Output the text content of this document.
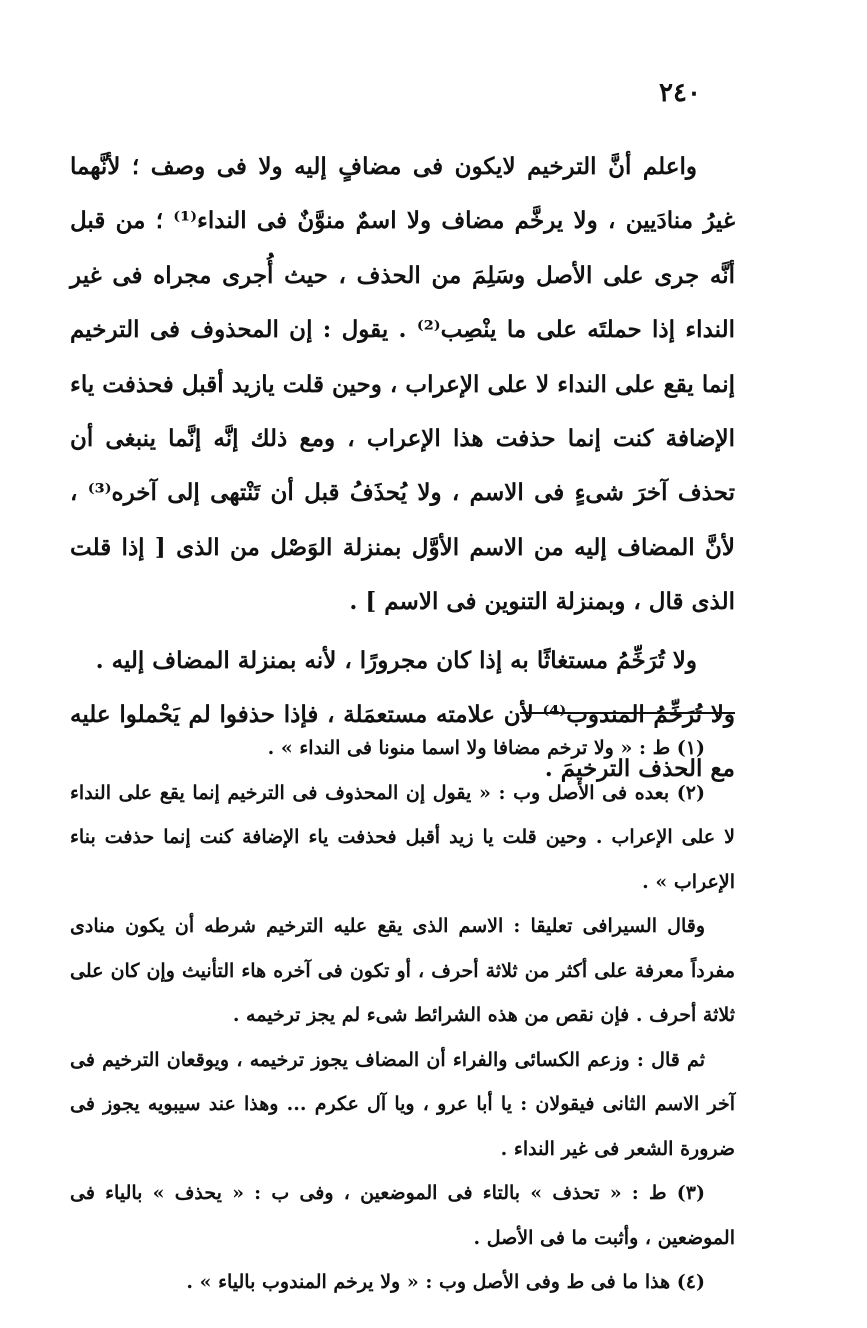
٢٤٠

واعلم أنَّ الترخيم لايكون فى مضافٍ إليه ولا فى وصف ؛ لأنَّهما غيرُ منادَيين ، ولا يرخَّم مضاف ولا اسمٌ منوَّنٌ فى النداء⁽¹⁾ ؛ من قبل أنَّه جرى على الأصل وسَلِمَ من الحذف ، حيث أُجرى مجراه فى غير النداء إذا حملتَه على ما ينْصِب⁽²⁾ . يقول : إن المحذوف فى الترخيم إنما يقع على النداء لا على الإعراب ، وحين قلت يازيد أقبل فحذفت ياء الإضافة كنت إنما حذفت هذا الإعراب ، ومع ذلك إنَّه إنَّما ينبغى أن تحذف آخرَ شىءٍ فى الاسم ، ولا يُحذَفُ قبل أن تَنْتهى إلى آخره⁽³⁾ ، لأنَّ المضاف إليه من الاسم الأوَّل بمنزلة الوَصْل من الذى [ إذا قلت الذى قال ، وبمنزلة التنوين فى الاسم ] .

ولا تُرَخِّمُ مستغاثًا به إذا كان مجرورًا ، لأنه بمنزلة المضاف إليه .

ولا تُرَخِّمُ المندوب⁽⁴⁾ لأن علامته مستعمَلة ، فإذا حذفوا لم يَحْملوا عليه مع الحذف الترخيمَ .

(١) ط : « ولا ترخم مضافا ولا اسما منونا فى النداء » .

(٢) بعده فى الأصل وب : « يقول إن المحذوف فى الترخيم إنما يقع على النداء لا على الإعراب . وحين قلت يا زيد أقبل فحذفت ياء الإضافة كنت إنما حذفت بناء الإعراب » .

وقال السيرافى تعليقا : الاسم الذى يقع عليه الترخيم شرطه أن يكون منادى مفرداً معرفة على أكثر من ثلاثة أحرف ، أو تكون فى آخره هاء التأنيث وإن كان على ثلاثة أحرف . فإن نقص من هذه الشرائط شىء لم يجز ترخيمه .

ثم قال : وزعم الكسائى والفراء أن المضاف يجوز ترخيمه ، ويوقعان الترخيم فى آخر الاسم الثانى فيقولان : يا أبا عرو ، ويا آل عكرم ... وهذا عند سيبويه يجوز فى ضرورة الشعر فى غير النداء .

(٣) ط : « تحذف » بالتاء فى الموضعين ، وفى ب : « يحذف » بالياء فى الموضعين ، وأثبت ما فى الأصل .

(٤) هذا ما فى ط وفى الأصل وب : « ولا يرخم المندوب بالياء » .
